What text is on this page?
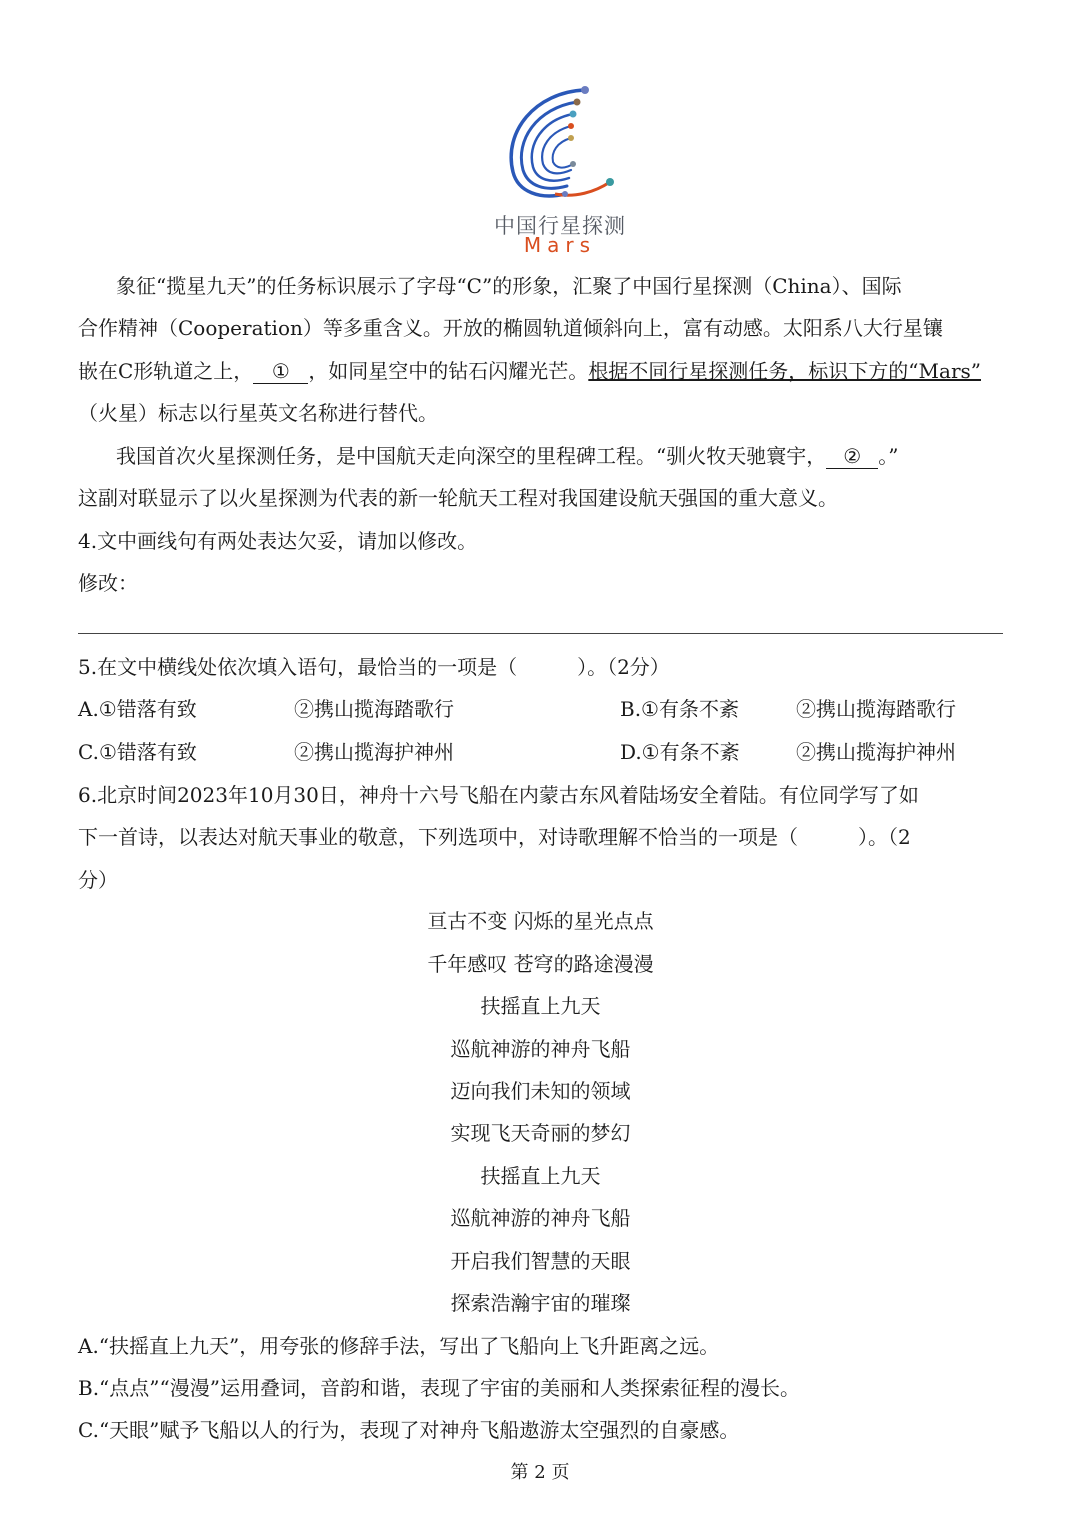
中国行星探测
Mars
象征“揽星九天”的任务标识展示了字母“C”的形象，汇聚了中国行星探测（China）、国际
合作精神（Cooperation）等多重含义。开放的椭圆轨道倾斜向上，富有动感。太阳系八大行星镶
嵌在C形轨道之上， ① ，如同星空中的钻石闪耀光芒。根据不同行星探测任务，标识下方的“Mars”
（火星）标志以行星英文名称进行替代。
我国首次火星探测任务，是中国航天走向深空的里程碑工程。“驯火牧天驰寰宇， ② 。”
这副对联显示了以火星探测为代表的新一轮航天工程对我国建设航天强国的重大意义。
4.文中画线句有两处表达欠妥，请加以修改。
修改：
5.在文中横线处依次填入语句，最恰当的一项是（　　　）。（2分）
A.①错落有致	②携山揽海踏歌行	B.①有条不紊	②携山揽海踏歌行
C.①错落有致	②携山揽海护神州	D.①有条不紊	②携山揽海护神州
6.北京时间2023年10月30日，神舟十六号飞船在内蒙古东风着陆场安全着陆。有位同学写了如
下一首诗，以表达对航天事业的敬意，下列选项中，对诗歌理解不恰当的一项是（　　　）。（2
分）
亘古不变 闪烁的星光点点
千年感叹 苍穹的路途漫漫
扶摇直上九天
巡航神游的神舟飞船
迈向我们未知的领域
实现飞天奇丽的梦幻
扶摇直上九天
巡航神游的神舟飞船
开启我们智慧的天眼
探索浩瀚宇宙的璀璨
A.“扶摇直上九天”，用夸张的修辞手法，写出了飞船向上飞升距离之远。
B.“点点”“漫漫”运用叠词，音韵和谐，表现了宇宙的美丽和人类探索征程的漫长。
C.“天眼”赋予飞船以人的行为，表现了对神舟飞船遨游太空强烈的自豪感。
第 2 页
